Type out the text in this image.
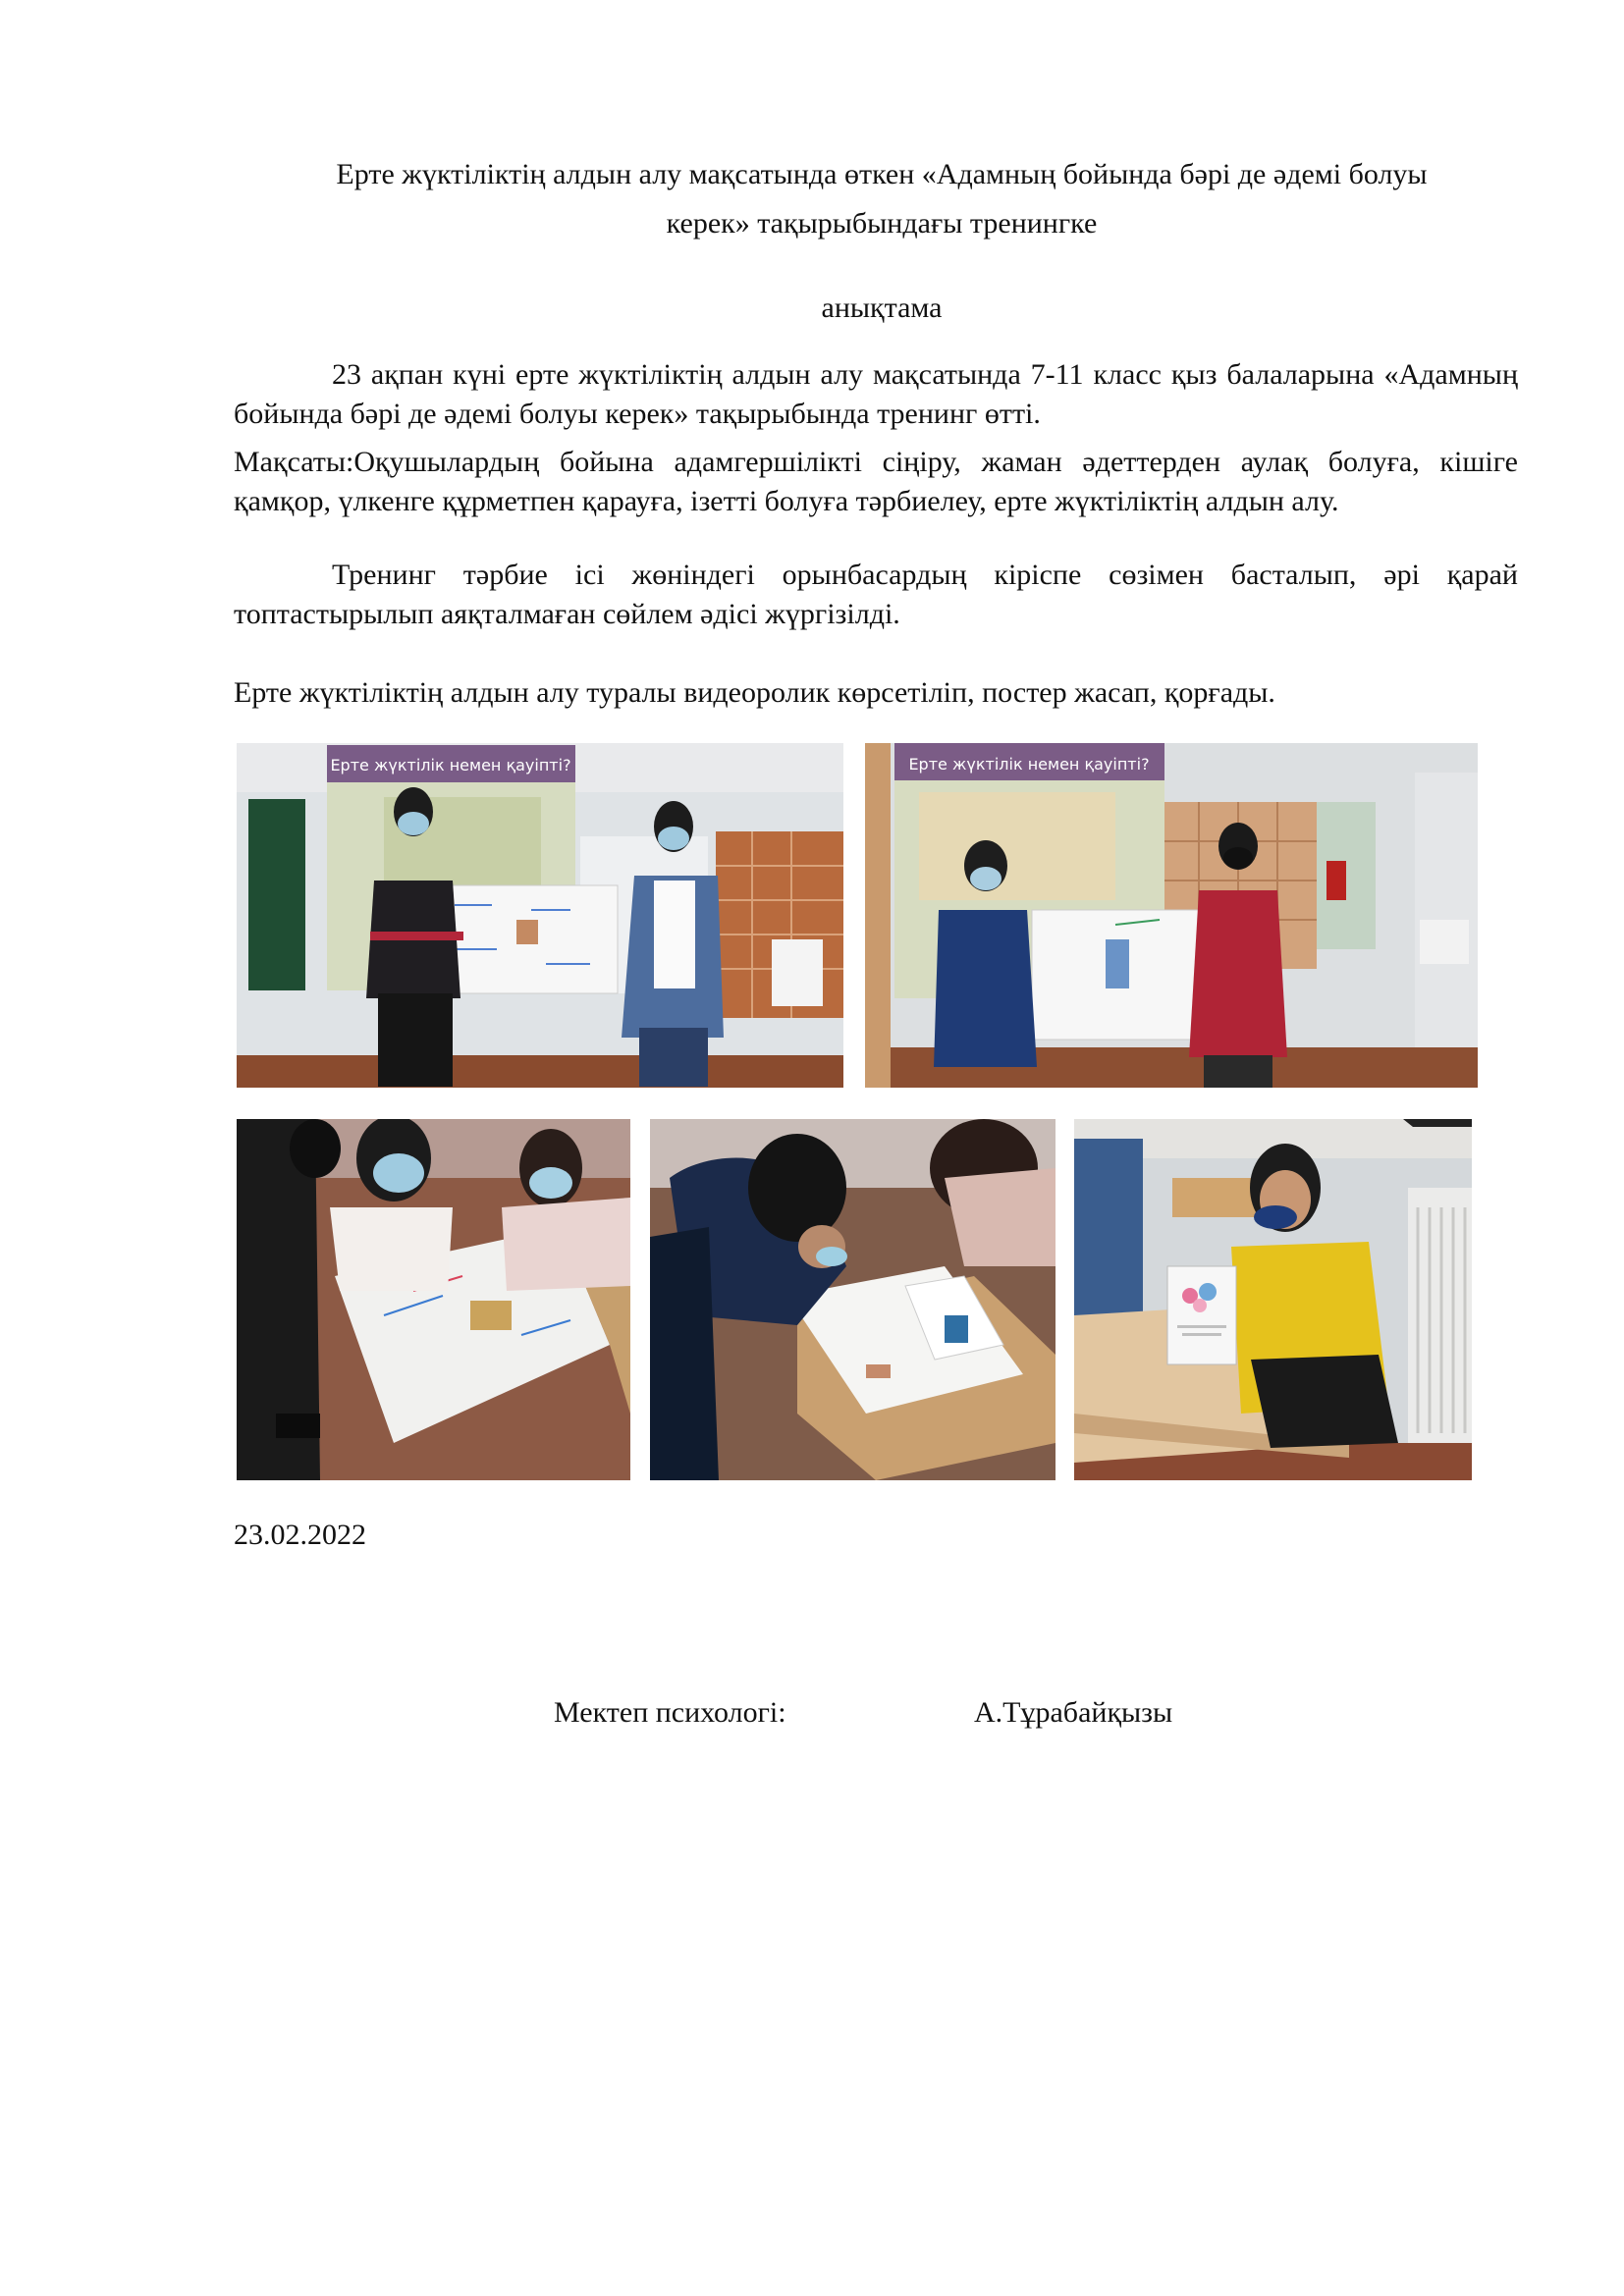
Ерте жүктіліктің алдын алу мақсатында өткен «Адамның бойында бәрі де әдемі болуы
керек» тақырыбындағы тренингке
анықтама
23 ақпан күні ерте жүктіліктің алдын алу мақсатында 7-11 класс қыз балаларына «Адамның бойында бәрі де әдемі болуы керек» тақырыбында тренинг өтті.
Мақсаты:Оқушылардың бойына адамгершілікті сіңіру, жаман әдеттерден аулақ болуға, кішіге қамқор, үлкенге құрметпен қарауға, ізетті болуға тәрбиелеу, ерте жүктіліктің алдын алу.
Тренинг тәрбие ісі жөніндегі орынбасардың кіріспе сөзімен басталып, әрі қарай топтастырылып аяқталмаған сөйлем әдісі жүргізілді.
Ерте жүктіліктің алдын алу туралы видеоролик көрсетіліп, постер жасап, қорғады.
Ерте жүктілік немен қауіпті?	Ерте жүктілік немен қауіпті?
23.02.2022
Мектеп психологі:	А.Тұрабайқызы
